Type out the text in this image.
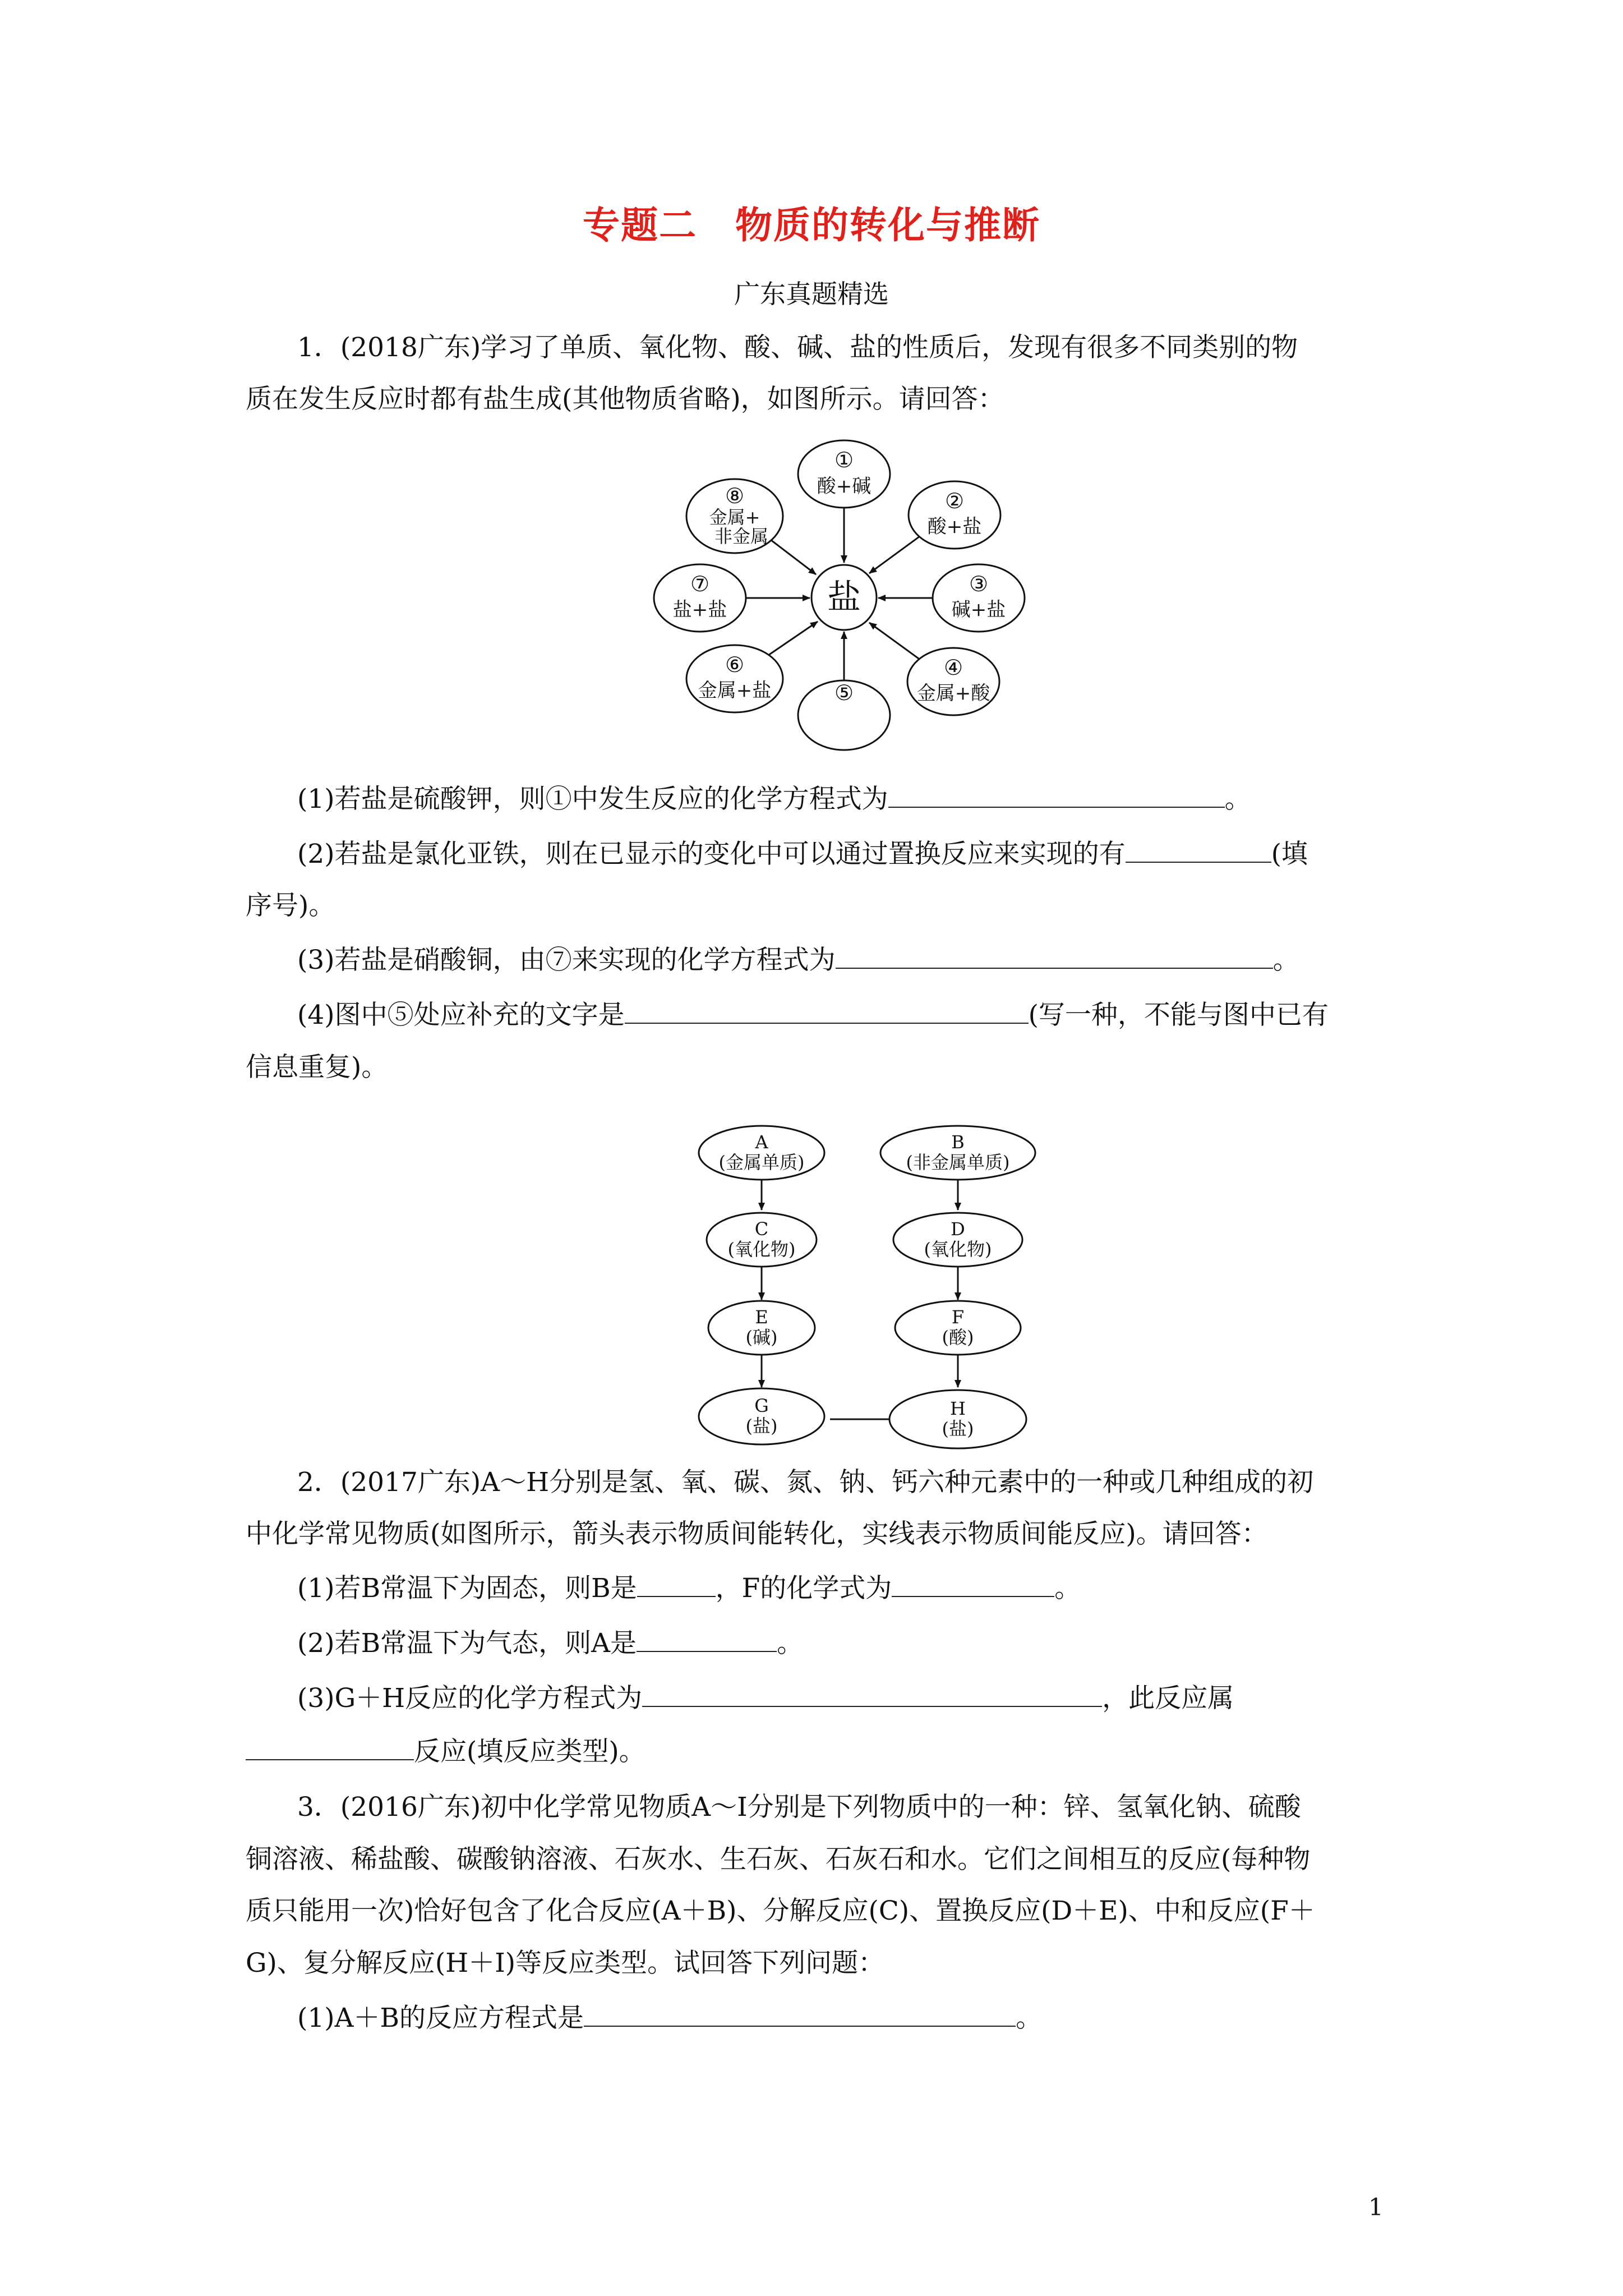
专题二　物质的转化与推断
广东真题精选
1．(2018广东)学习了单质、氧化物、酸、碱、盐的性质后，发现有很多不同类别的物
质在发生反应时都有盐生成(其他物质省略)，如图所示。请回答：
盐
①
酸+碱
②
酸+盐
③
碱+盐
④
金属+酸
⑤
⑥
金属+盐
⑦
盐+盐
⑧
金属+
非金属
(1)若盐是硫酸钾，则①中发生反应的化学方程式为	。
(2)若盐是氯化亚铁，则在已显示的变化中可以通过置换反应来实现的有	(填
序号)。
(3)若盐是硝酸铜，由⑦来实现的化学方程式为	。
(4)图中⑤处应补充的文字是	(写一种，不能与图中已有
信息重复)。
A
(金属单质)
B
(非金属单质)
C
(氧化物)
D
(氧化物)
E
(碱)
F
(酸)
G
(盐)
H
(盐)
2．(2017广东)A～H分别是氢、氧、碳、氮、钠、钙六种元素中的一种或几种组成的初
中化学常见物质(如图所示，箭头表示物质间能转化，实线表示物质间能反应)。请回答：
(1)若B常温下为固态，则B是	，F的化学式为	。
(2)若B常温下为气态，则A是	。
(3)G＋H反应的化学方程式为	，此反应属
反应(填反应类型)。
3．(2016广东)初中化学常见物质A～I分别是下列物质中的一种：锌、氢氧化钠、硫酸
铜溶液、稀盐酸、碳酸钠溶液、石灰水、生石灰、石灰石和水。它们之间相互的反应(每种物
质只能用一次)恰好包含了化合反应(A＋B)、分解反应(C)、置换反应(D＋E)、中和反应(F＋
G)、复分解反应(H＋I)等反应类型。试回答下列问题：
(1)A＋B的反应方程式是	。
1
